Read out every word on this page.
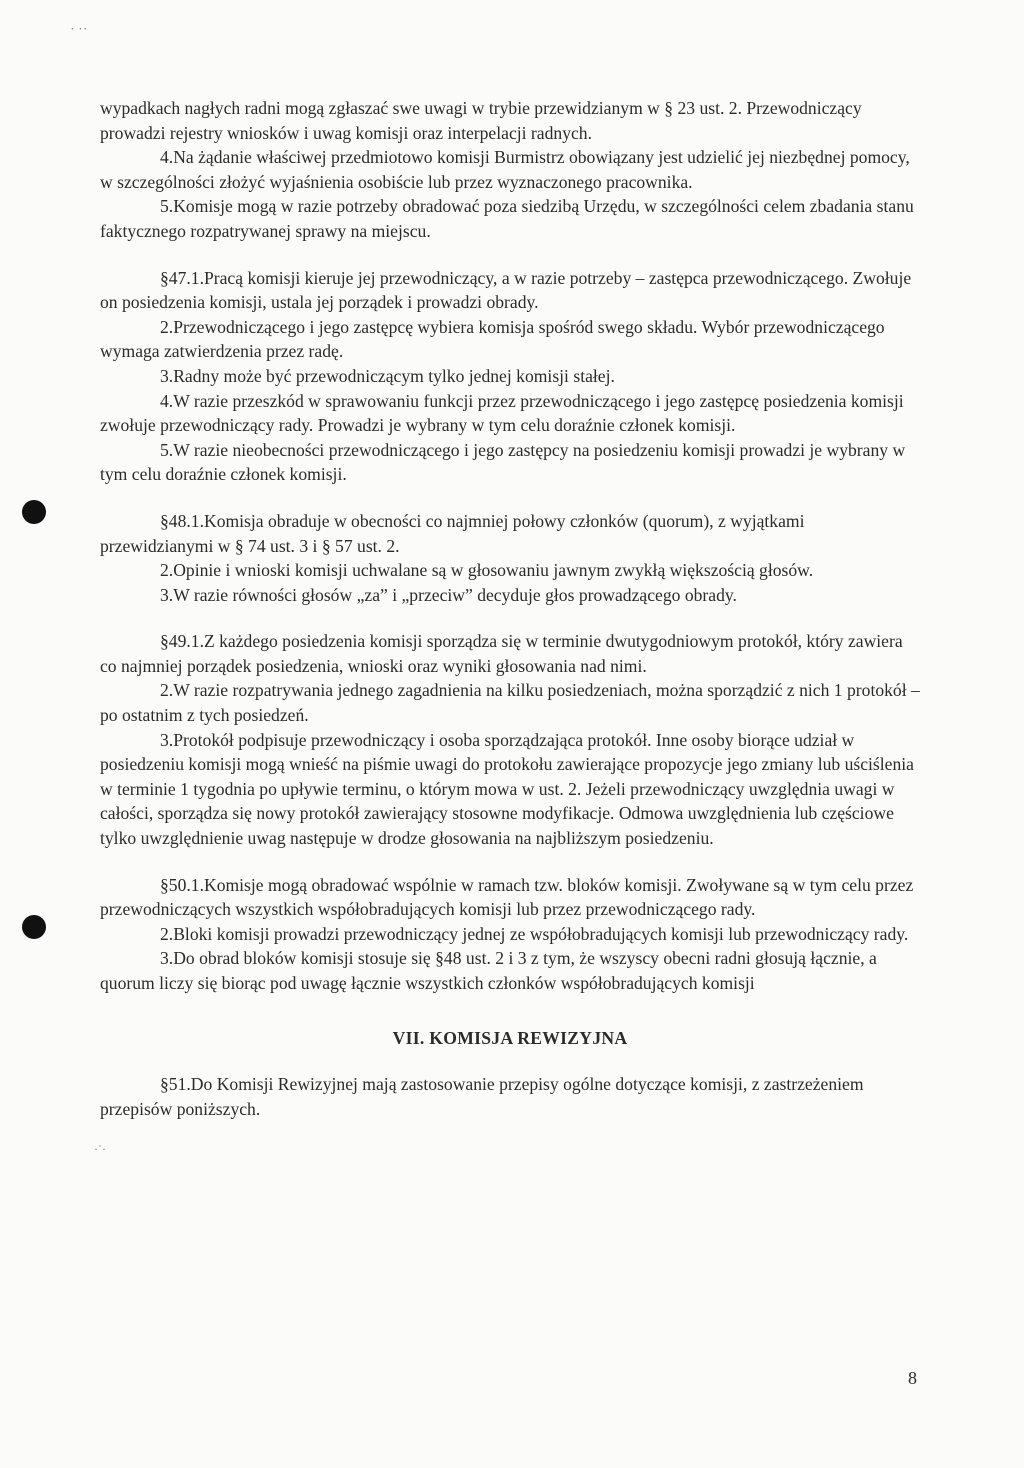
˙ ˙˙
·˙·

wypadkach nagłych radni mogą zgłaszać swe uwagi w trybie przewidzianym w § 23 ust. 2. Przewodniczący prowadzi rejestry wniosków i uwag komisji oraz interpelacji radnych.

4.Na żądanie właściwej przedmiotowo komisji Burmistrz obowiązany jest udzielić jej niezbędnej pomocy, w szczególności złożyć wyjaśnienia osobiście lub przez wyznaczonego pracownika.

5.Komisje mogą w razie potrzeby obradować poza siedzibą Urzędu, w szczególności celem zbadania stanu faktycznego rozpatrywanej sprawy na miejscu.

§47.1.Pracą komisji kieruje jej przewodniczący, a w razie potrzeby – zastępca przewodniczącego. Zwołuje on posiedzenia komisji, ustala jej porządek i prowadzi obrady.

2.Przewodniczącego i jego zastępcę wybiera komisja spośród swego składu. Wybór przewodniczącego wymaga zatwierdzenia przez radę.

3.Radny może być przewodniczącym tylko jednej komisji stałej.

4.W razie przeszkód w sprawowaniu funkcji przez przewodniczącego i jego zastępcę posiedzenia komisji zwołuje przewodniczący rady. Prowadzi je wybrany w tym celu doraźnie członek komisji.

5.W razie nieobecności przewodniczącego i jego zastępcy na posiedzeniu komisji prowadzi je wybrany w tym celu doraźnie członek komisji.

§48.1.Komisja obraduje w obecności co najmniej połowy członków (quorum), z wyjątkami przewidzianymi w § 74 ust. 3 i § 57 ust. 2.

2.Opinie i wnioski komisji uchwalane są w głosowaniu jawnym zwykłą większością głosów.

3.W razie równości głosów „za” i „przeciw” decyduje głos prowadzącego obrady.

§49.1.Z każdego posiedzenia komisji sporządza się w terminie dwutygodniowym protokół, który zawiera co najmniej porządek posiedzenia, wnioski oraz wyniki głosowania nad nimi.

2.W razie rozpatrywania jednego zagadnienia na kilku posiedzeniach, można sporządzić z nich 1 protokół – po ostatnim z tych posiedzeń.

3.Protokół podpisuje przewodniczący i osoba sporządzająca protokół. Inne osoby biorące udział w posiedzeniu komisji mogą wnieść na piśmie uwagi do protokołu zawierające propozycje jego zmiany lub uściślenia w terminie 1 tygodnia po upływie terminu, o którym mowa w ust. 2. Jeżeli przewodniczący uwzględnia uwagi w całości, sporządza się nowy protokół zawierający stosowne modyfikacje. Odmowa uwzględnienia lub częściowe tylko uwzględnienie uwag następuje w drodze głosowania na najbliższym posiedzeniu.

§50.1.Komisje mogą obradować wspólnie w ramach tzw. bloków komisji. Zwoływane są w tym celu przez przewodniczących wszystkich współobradujących komisji lub przez przewodniczącego rady.

2.Bloki komisji prowadzi przewodniczący jednej ze współobradujących komisji lub przewodniczący rady.

3.Do obrad bloków komisji stosuje się §48 ust. 2 i 3 z tym, że wszyscy obecni radni głosują łącznie, a quorum liczy się biorąc pod uwagę łącznie wszystkich członków współobradujących komisji

VII. KOMISJA REWIZYJNA

§51.Do Komisji Rewizyjnej mają zastosowanie przepisy ogólne dotyczące komisji, z zastrzeżeniem przepisów poniższych.

8
